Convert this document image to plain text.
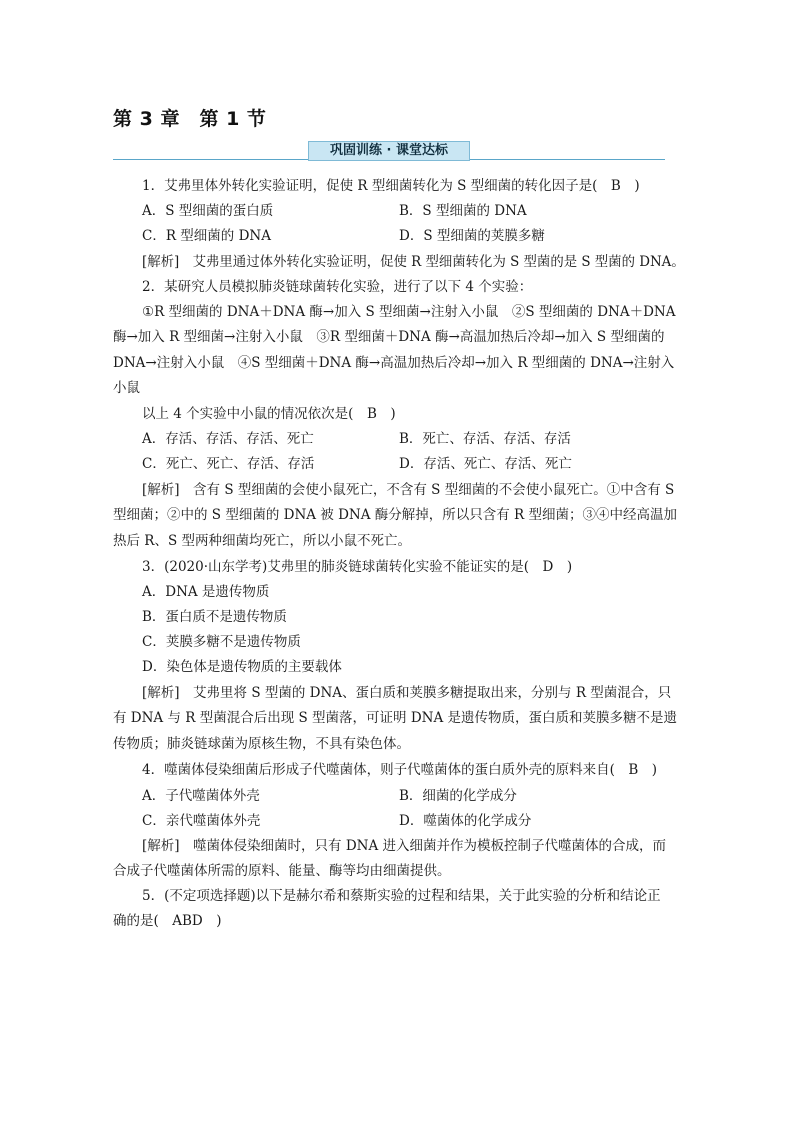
第 3 章　第 1 节
巩固训练 · 课堂达标
1．艾弗里体外转化实验证明，促使 R 型细菌转化为 S 型细菌的转化因子是(　B　)
A．S 型细菌的蛋白质	B．S 型细菌的 DNA
C．R 型细菌的 DNA	D．S 型细菌的荚膜多糖
[解析]　艾弗里通过体外转化实验证明，促使 R 型细菌转化为 S 型菌的是 S 型菌的 DNA。
2．某研究人员模拟肺炎链球菌转化实验，进行了以下 4 个实验：
①R 型细菌的 DNA＋DNA 酶→加入 S 型细菌→注射入小鼠　②S 型细菌的 DNA＋DNA
酶→加入 R 型细菌→注射入小鼠　③R 型细菌＋DNA 酶→高温加热后冷却→加入 S 型细菌的
DNA→注射入小鼠　④S 型细菌＋DNA 酶→高温加热后冷却→加入 R 型细菌的 DNA→注射入
小鼠
以上 4 个实验中小鼠的情况依次是(　B　)
A．存活、存活、存活、死亡	B．死亡、存活、存活、存活
C．死亡、死亡、存活、存活	D．存活、死亡、存活、死亡
[解析]　含有 S 型细菌的会使小鼠死亡，不含有 S 型细菌的不会使小鼠死亡。①中含有 S
型细菌；②中的 S 型细菌的 DNA 被 DNA 酶分解掉，所以只含有 R 型细菌；③④中经高温加
热后 R、S 型两种细菌均死亡，所以小鼠不死亡。
3．(2020·山东学考)艾弗里的肺炎链球菌转化实验不能证实的是(　D　)
A．DNA 是遗传物质
B．蛋白质不是遗传物质
C．荚膜多糖不是遗传物质
D．染色体是遗传物质的主要载体
[解析]　艾弗里将 S 型菌的 DNA、蛋白质和荚膜多糖提取出来，分别与 R 型菌混合，只
有 DNA 与 R 型菌混合后出现 S 型菌落，可证明 DNA 是遗传物质，蛋白质和荚膜多糖不是遗
传物质；肺炎链球菌为原核生物，不具有染色体。
4．噬菌体侵染细菌后形成子代噬菌体，则子代噬菌体的蛋白质外壳的原料来自(　B　)
A．子代噬菌体外壳	B．细菌的化学成分
C．亲代噬菌体外壳	D．噬菌体的化学成分
[解析]　噬菌体侵染细菌时，只有 DNA 进入细菌并作为模板控制子代噬菌体的合成，而
合成子代噬菌体所需的原料、能量、酶等均由细菌提供。
5．(不定项选择题)以下是赫尔希和蔡斯实验的过程和结果，关于此实验的分析和结论正
确的是(　ABD　)
